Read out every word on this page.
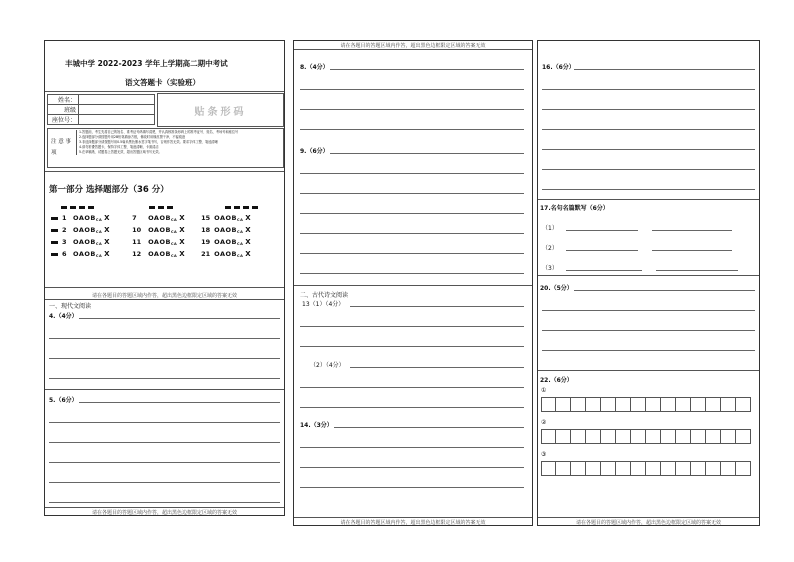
丰城中学 2022-2023 学年上学期高二期中考试
语文答题卡（实验班）
姓名：	
班级	
座位号：	
贴条形码
注 意 事 项
1.答题前，考生先将自己的姓名、准考证号码填写清楚，并认真核准条形码上的准考证号、姓名、考场号和座位号
2.选择题部分请按题号用2B铅笔填涂方框，修改时用橡皮擦干净，不留痕迹
3.非选择题部分请按题号用0.5毫米黑色墨水签字笔书写，否则作答无效。要求字体工整、笔迹清晰
4.请勿折叠答题卡，保持字体工整、笔迹清晰，卡面清洁
5.在草稿纸、试题卷上答题无效，超出答题区域书写无效。
第一部分 选择题部分（36 分）
1 OAOBCA X	7	OAOBCA X 15 OAOBCA X
2 OAOBCA X	10 OAOBCA X 18 OAOBCA X
3 OAOBCA X	11 OAOBCA X 19 OAOBCA X
6 OAOBCA X	12 OAOBCA X 21 OAOBCA X
请在各题目的答题区域内作答，超出黑色边框限定区域的答案无效
一、现代文阅读
4.（4分）
5.（6分）
请在各题目的答题区域内作答，超出黑色边框限定区域的答案无效
请在各题目的答题区域内作答，超出黑色边框限定区域的答案无效
8.（4分）
9.（6分）
二、古代诗文阅读
13（1）（4分）
（2）（4分）
14.（3分）
请在各题目的答题区域内作答，超出黑色边框限定区域的答案无效
16.（6分）
17.名句名篇默写（6分）
（1）
（2）
（3）
20.（5分）
22.（6分）
①
②
③
请在各题目的答题区域内作答，超出黑色边框限定区域的答案无效
